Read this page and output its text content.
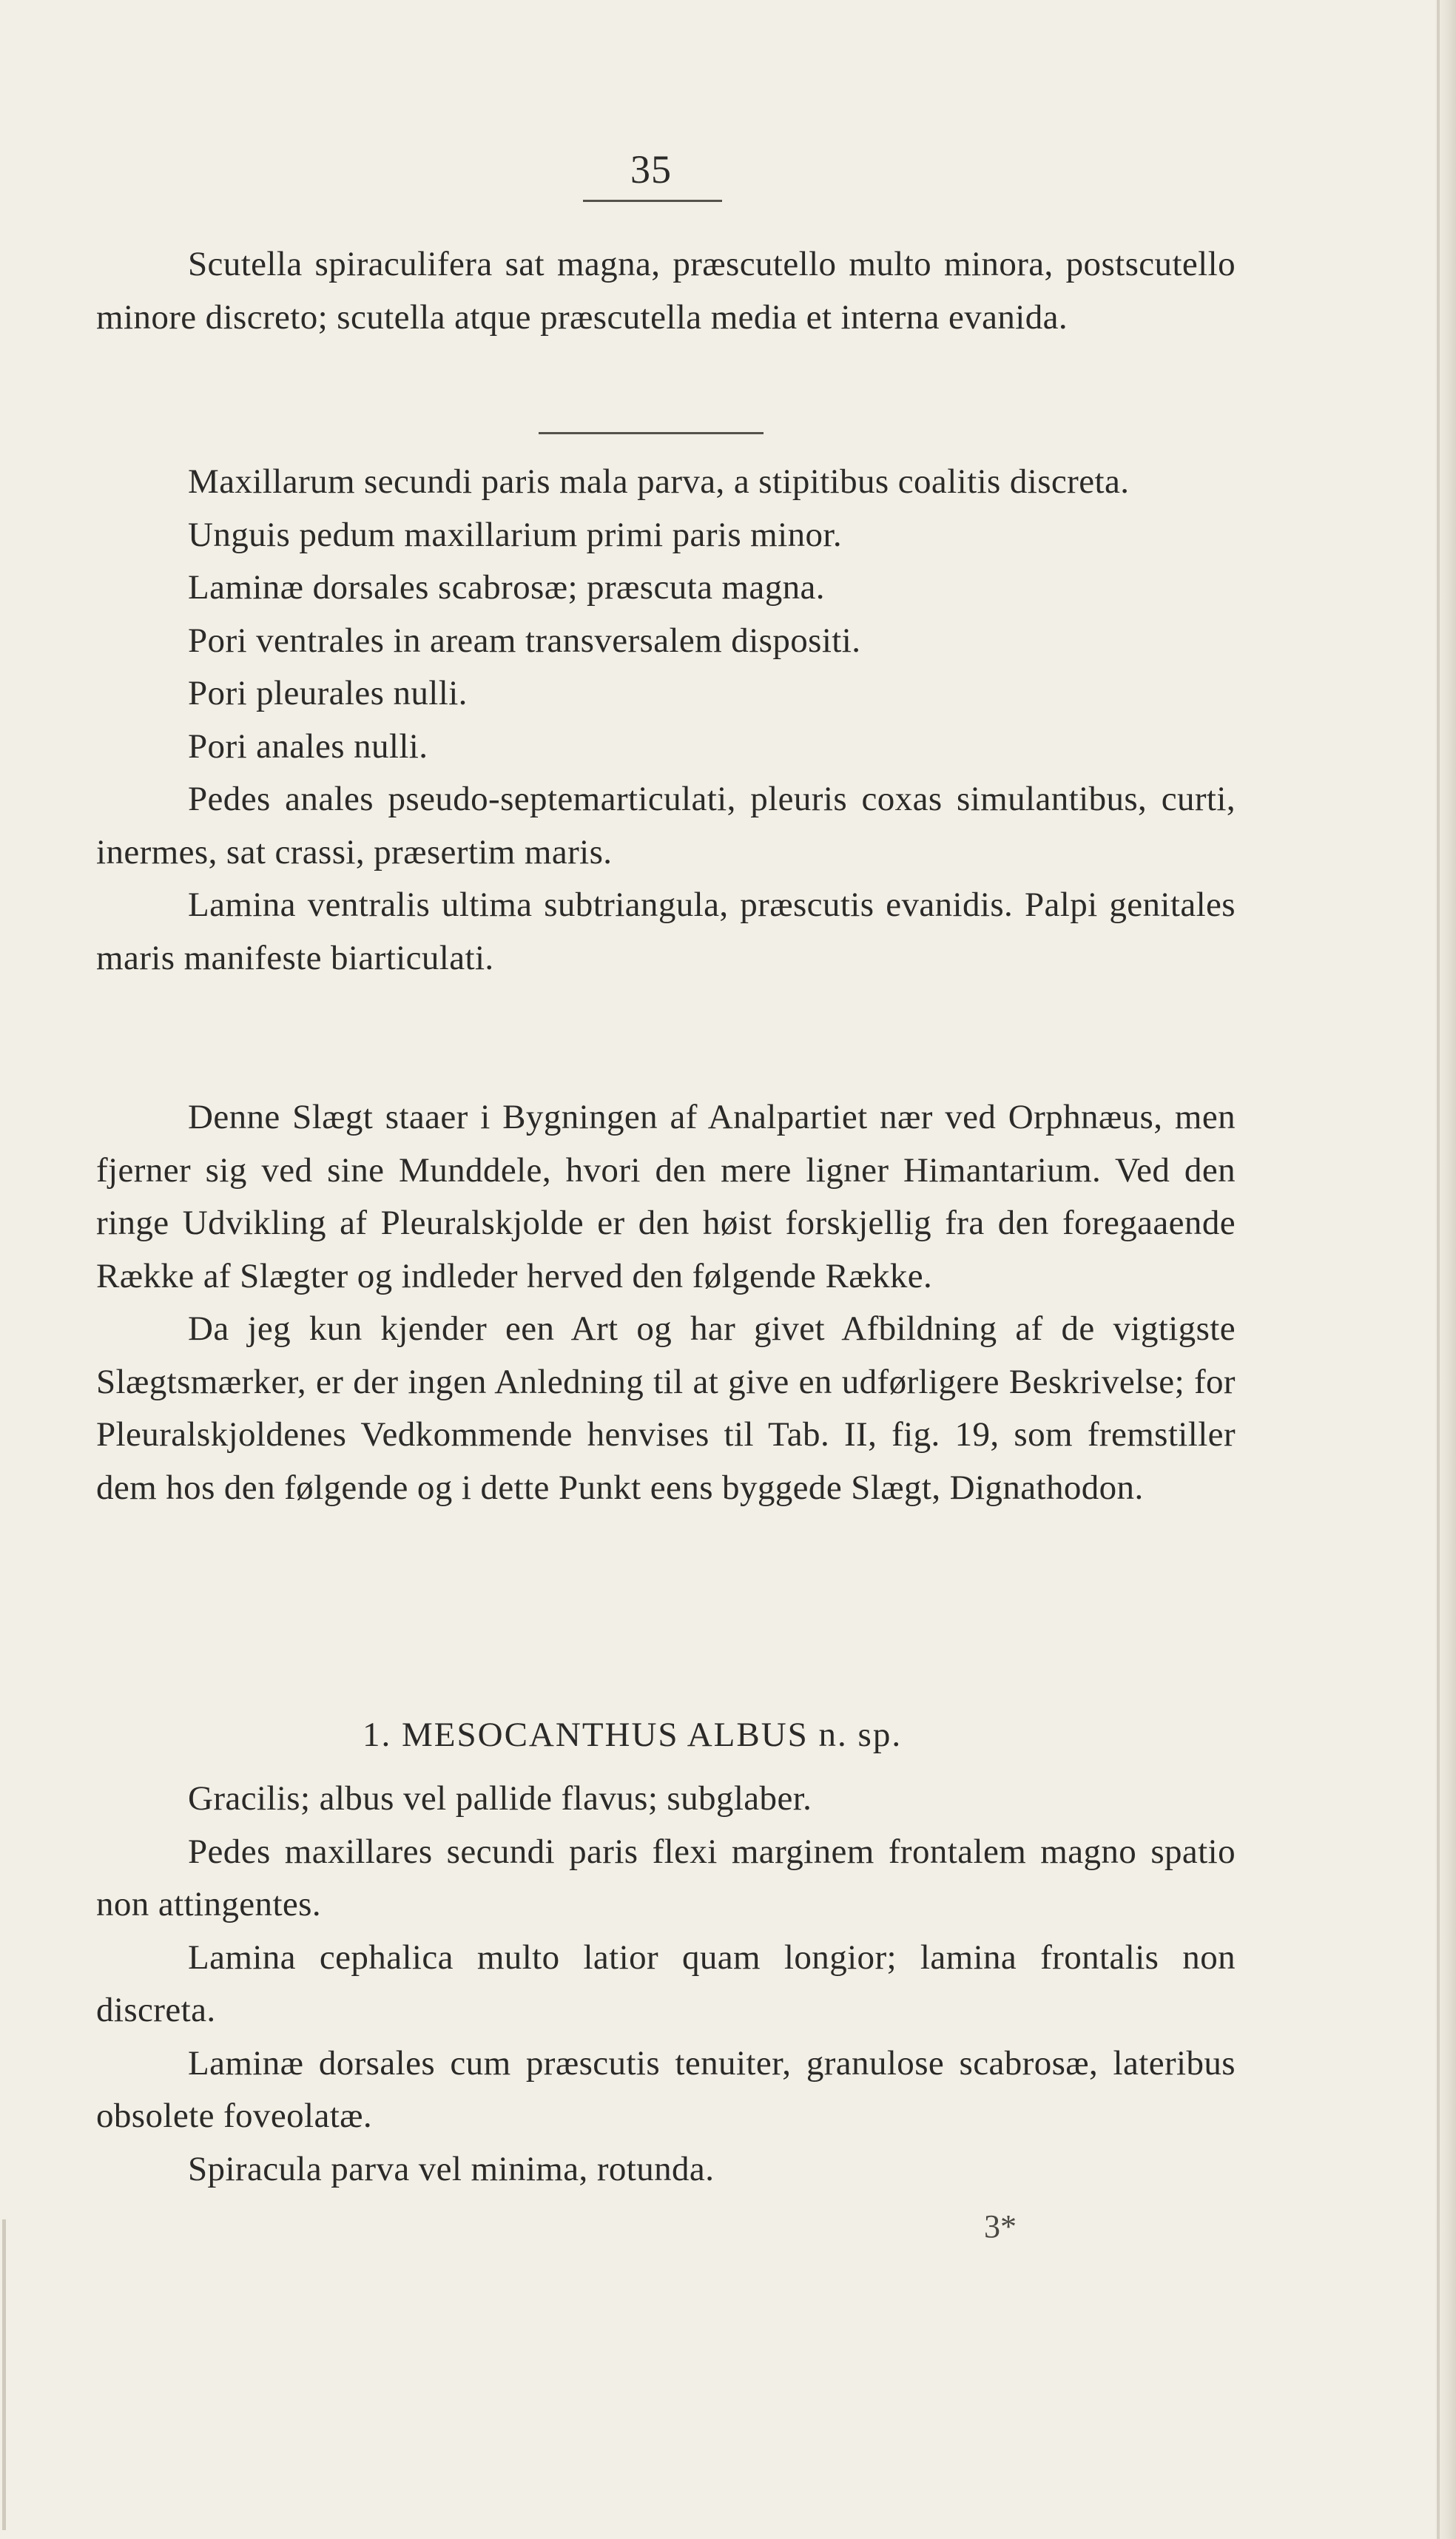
35

Scutella spiraculifera sat magna, præscutello multo minora, postscutello minore discreto; scutella atque præscutella media et interna evanida.

Maxillarum secundi paris mala parva, a stipitibus coalitis discreta.

Unguis pedum maxillarium primi paris minor.

Laminæ dorsales scabrosæ; præscuta magna.

Pori ventrales in aream transversalem dispositi.

Pori pleurales nulli.

Pori anales nulli.

Pedes anales pseudo-septemarticulati, pleuris coxas simulantibus, curti, inermes, sat crassi, præsertim maris.

Lamina ventralis ultima subtriangula, præscutis evanidis. Palpi genitales maris manifeste biarticulati.

Denne Slægt staaer i Bygningen af Analpartiet nær ved Orphnæus, men fjerner sig ved sine Munddele, hvori den mere ligner Himantarium. Ved den ringe Udvikling af Pleuralskjolde er den høist forskjellig fra den foregaaende Række af Slægter og indleder herved den følgende Række.

Da jeg kun kjender een Art og har givet Afbildning af de vigtigste Slægtsmærker, er der ingen Anledning til at give en udførligere Beskrivelse; for Pleuralskjoldenes Vedkommende henvises til Tab. II, fig. 19, som fremstiller dem hos den følgende og i dette Punkt eens byggede Slægt, Dignathodon.

1. MESOCANTHUS ALBUS n. sp.

Gracilis; albus vel pallide flavus; subglaber.

Pedes maxillares secundi paris flexi marginem frontalem magno spatio non attingentes.

Lamina cephalica multo latior quam longior; lamina frontalis non discreta.

Laminæ dorsales cum præscutis tenuiter, granulose scabrosæ, lateribus obsolete foveolatæ.

Spiracula parva vel minima, rotunda.

3*
